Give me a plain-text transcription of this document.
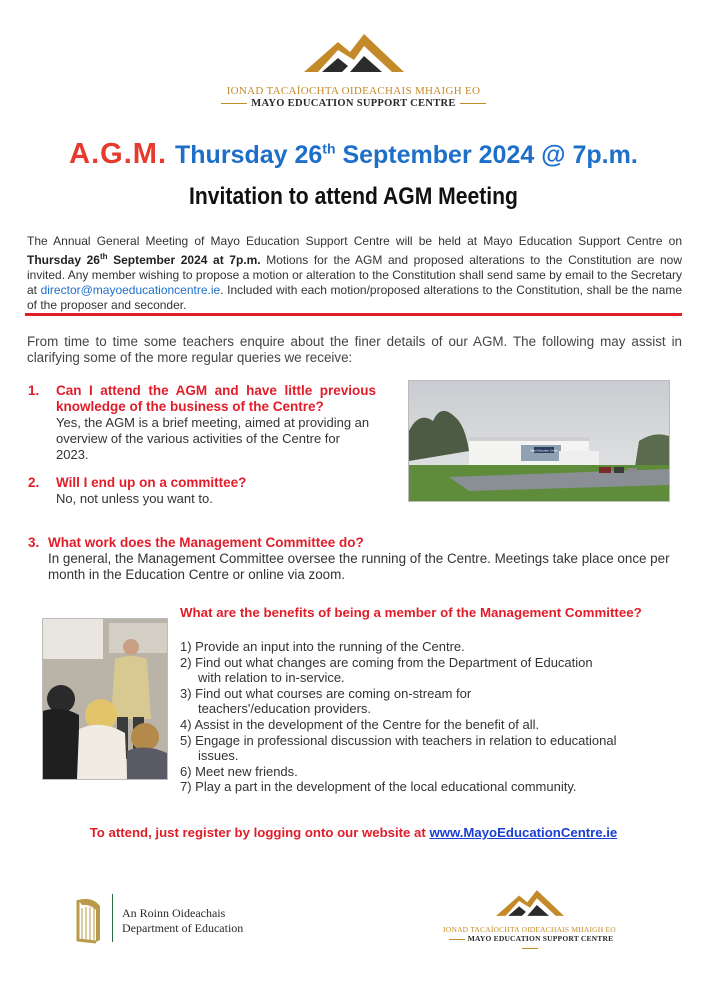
IONAD TACAÍOCHTA OIDEACHAIS MHAIGH EO
MAYO EDUCATION SUPPORT CENTRE
A.G.M. Thursday 26th September 2024 @ 7p.m.
Invitation to attend AGM Meeting
The Annual General Meeting of Mayo Education Support Centre will be held at Mayo Education Support Centre on Thursday 26th September 2024 at 7p.m. Motions for the AGM and proposed alterations to the Constitution are now invited. Any member wishing to propose a motion or alteration to the Constitution shall send same by email to the Secretary at director@mayoeducationcentre.ie. Included with each motion/proposed alterations to the Constitution, shall be the name of the proposer and seconder.
From time to time some teachers enquire about the finer details of our AGM. The following may assist in clarifying some of the more regular queries we receive:
1. Can I attend the AGM and have little previous knowledge of the business of the Centre?
Yes, the AGM is a brief meeting, aimed at providing an overview of the various activities of the Centre for 2023.	Mayo Education Centre
2. Will I end up on a committee?
No, not unless you want to.
3. What work does the Management Committee do?
In general, the Management Committee oversee the running of the Centre. Meetings take place once per month in the Education Centre or online via zoom.
What are the benefits of being a member of the Management Committee?
1) Provide an input into the running of the Centre.
2) Find out what changes are coming from the Department of Education
with relation to in-service.
3) Find out what courses are coming on-stream for
teachers'/education providers.
4) Assist in the development of the Centre for the benefit of all.
5) Engage in professional discussion with teachers in relation to educational
issues.
6) Meet new friends.
7) Play a part in the development of the local educational community.
To attend, just register by logging onto our website at www.MayoEducationCentre.ie
An Roinn Oideachais
Department of Education	IONAD TACAÍOCHTA OIDEACHAIS MHAIGH EO
MAYO EDUCATION SUPPORT CENTRE
